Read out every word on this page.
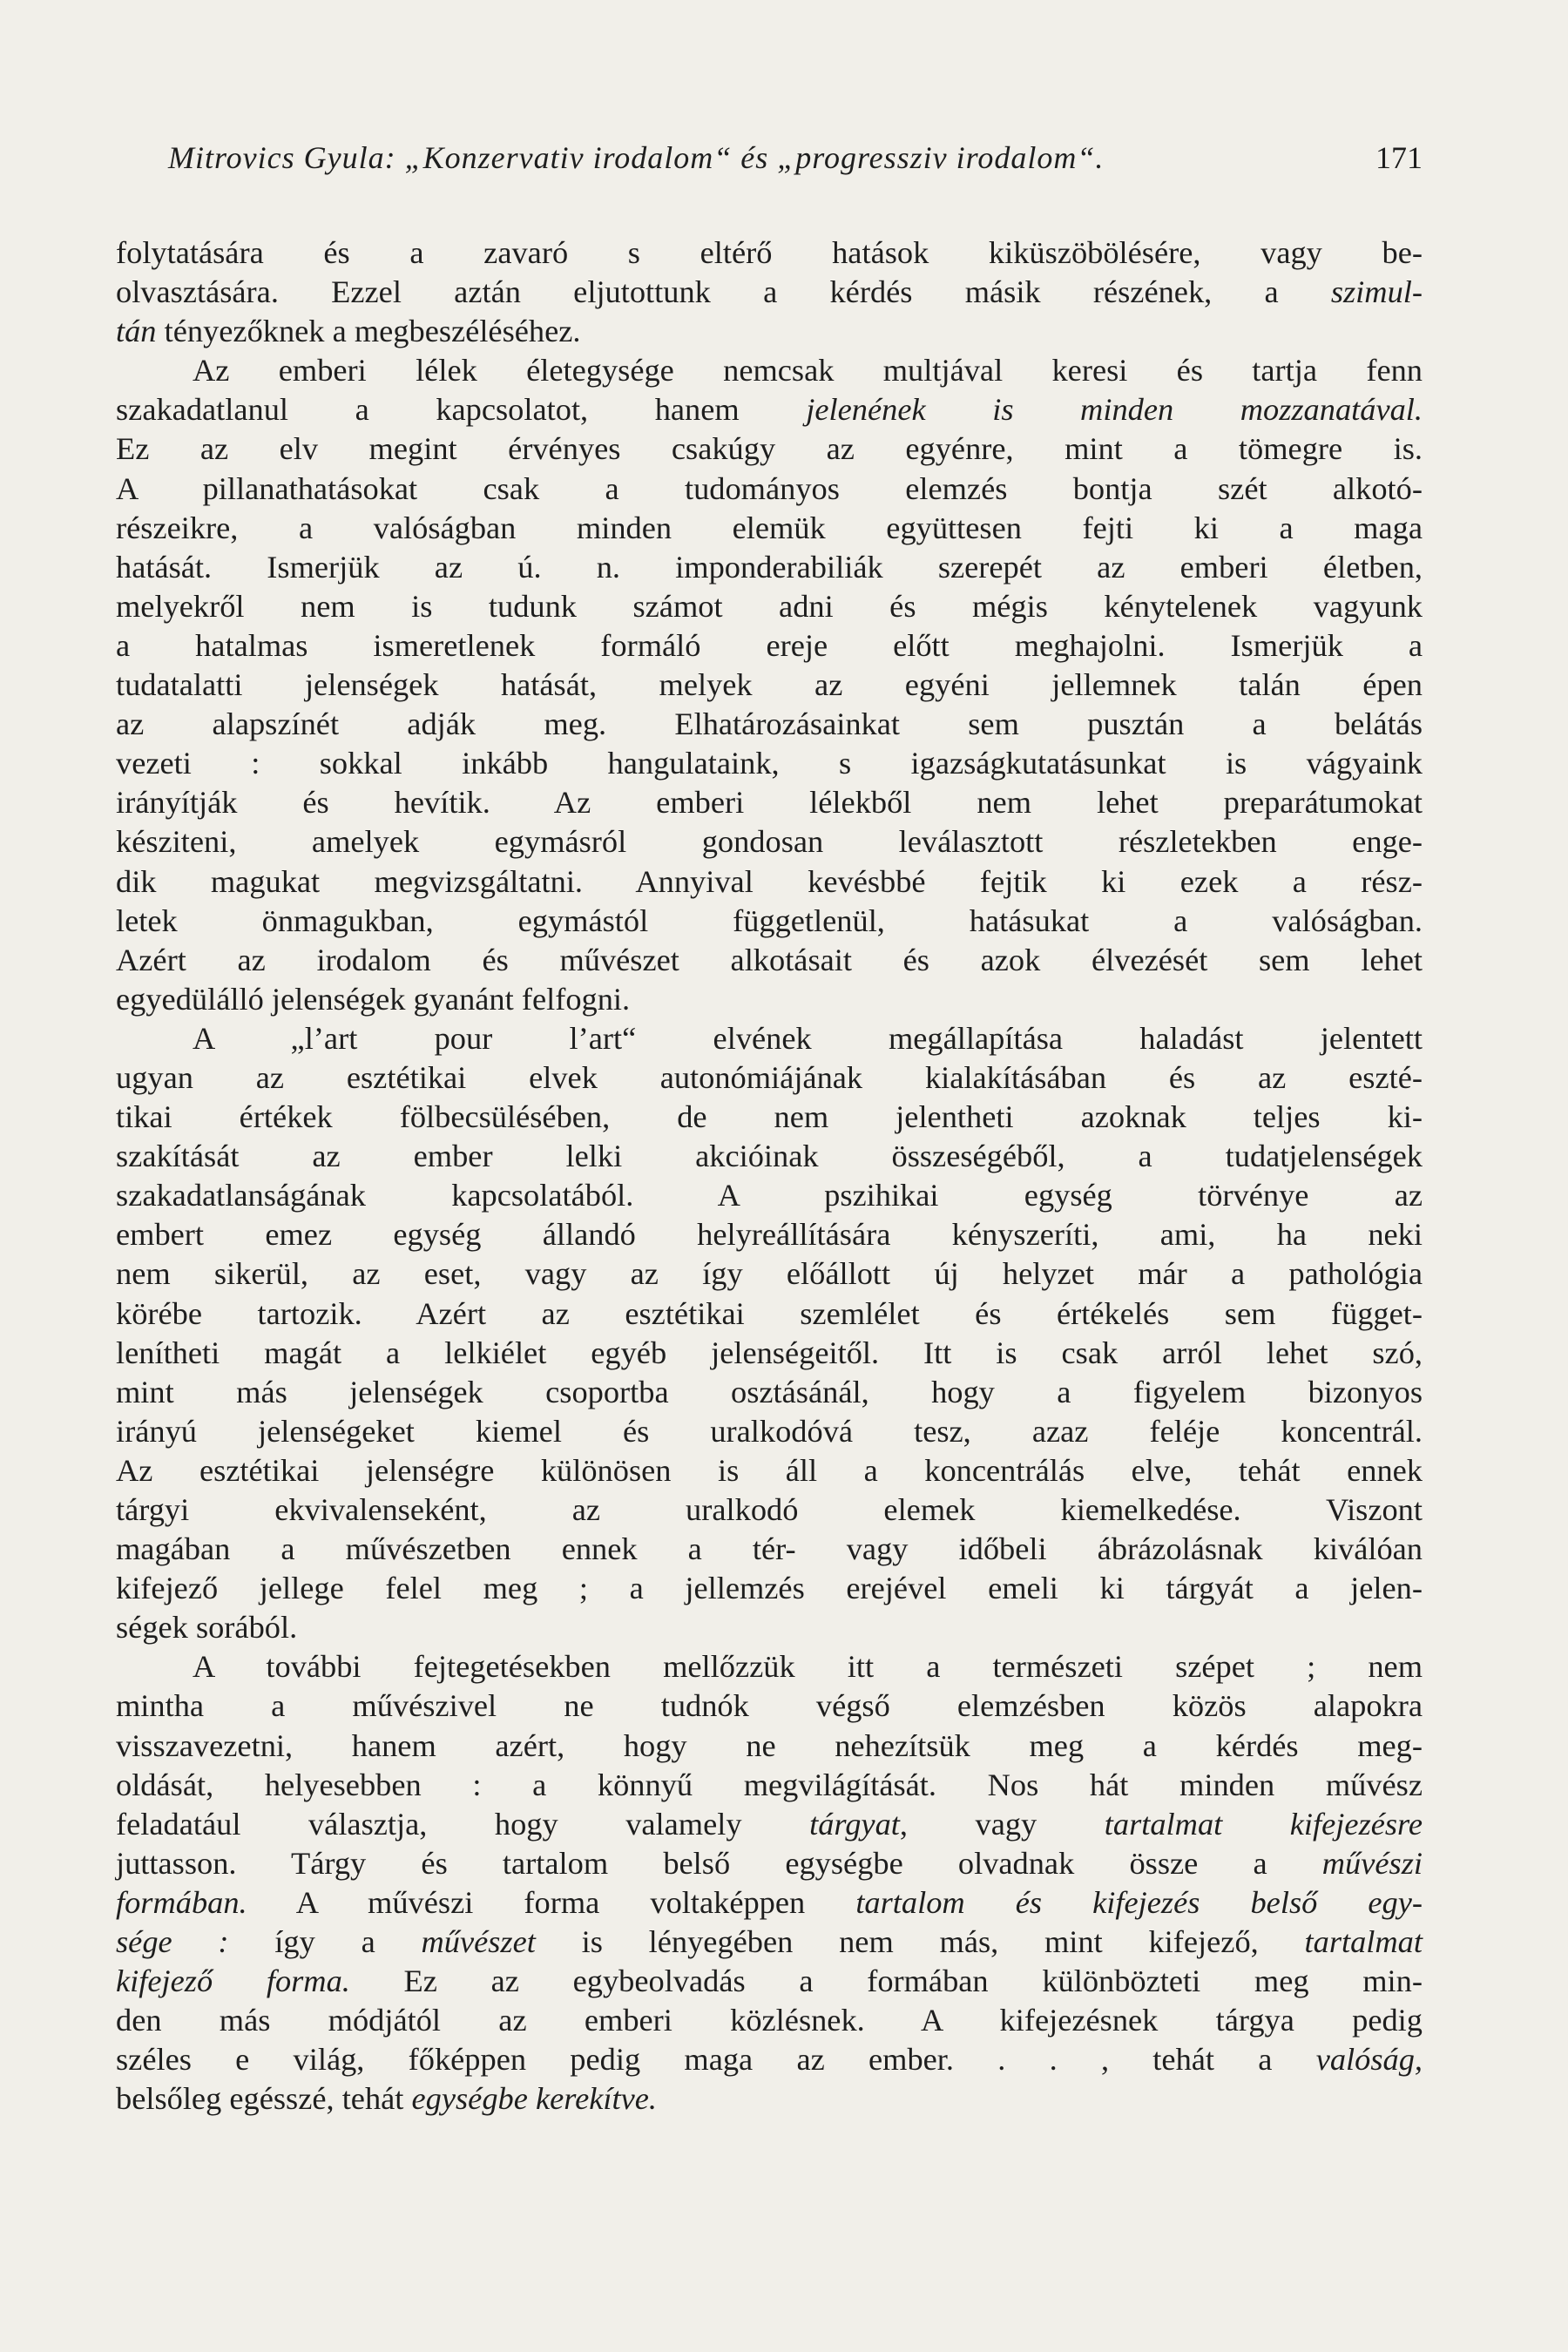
Mitrovics Gyula: „Konzervativ irodalom“ és „progressziv irodalom“.	171

folytatására és a zavaró s eltérő hatások kiküszöbölésére, vagy be-
olvasztására. Ezzel aztán eljutottunk a kérdés másik részének, a szimul-
tán tényezőknek a megbeszéléséhez.

Az emberi lélek életegysége nemcsak multjával keresi és tartja fenn
szakadatlanul a kapcsolatot, hanem jelenének is minden mozzanatával.
Ez az elv megint érvényes csakúgy az egyénre, mint a tömegre is.
A pillanathatásokat csak a tudományos elemzés bontja szét alkotó-
részeikre, a valóságban minden elemük együttesen fejti ki a maga
hatását. Ismerjük az ú. n. imponderabiliák szerepét az emberi életben,
melyekről nem is tudunk számot adni és mégis kénytelenek vagyunk
a hatalmas ismeretlenek formáló ereje előtt meghajolni. Ismerjük a
tudatalatti jelenségek hatását, melyek az egyéni jellemnek talán épen
az alapszínét adják meg. Elhatározásainkat sem pusztán a belátás
vezeti : sokkal inkább hangulataink, s igazságkutatásunkat is vágyaink
irányítják és hevítik. Az emberi lélekből nem lehet preparátumokat
késziteni, amelyek egymásról gondosan leválasztott részletekben enge-
dik magukat megvizsgáltatni. Annyival kevésbbé fejtik ki ezek a rész-
letek önmagukban, egymástól függetlenül, hatásukat a valóságban.
Azért az irodalom és művészet alkotásait és azok élvezését sem lehet
egyedülálló jelenségek gyanánt felfogni.

A „l’art pour l’art“ elvének megállapítása haladást jelentett
ugyan az esztétikai elvek autonómiájának kialakításában és az eszté-
tikai értékek fölbecsülésében, de nem jelentheti azoknak teljes ki-
szakítását az ember lelki akcióinak összeségéből, a tudatjelenségek
szakadatlanságának kapcsolatából. A pszihikai egység törvénye az
embert emez egység állandó helyreállítására kényszeríti, ami, ha neki
nem sikerül, az eset, vagy az így előállott új helyzet már a pathológia
körébe tartozik. Azért az esztétikai szemlélet és értékelés sem függet-
lenítheti magát a lelkiélet egyéb jelenségeitől. Itt is csak arról lehet szó,
mint más jelenségek csoportba osztásánál, hogy a figyelem bizonyos
irányú jelenségeket kiemel és uralkodóvá tesz, azaz feléje koncentrál.
Az esztétikai jelenségre különösen is áll a koncentrálás elve, tehát ennek
tárgyi ekvivalenseként, az uralkodó elemek kiemelkedése. Viszont
magában a művészetben ennek a tér- vagy időbeli ábrázolásnak kiválóan
kifejező jellege felel meg ; a jellemzés erejével emeli ki tárgyát a jelen-
ségek sorából.

A további fejtegetésekben mellőzzük itt a természeti szépet ; nem
mintha a művészivel ne tudnók végső elemzésben közös alapokra
visszavezetni, hanem azért, hogy ne nehezítsük meg a kérdés meg-
oldását, helyesebben : a könnyű megvilágítását. Nos hát minden művész
feladatául választja, hogy valamely tárgyat, vagy tartalmat kifejezésre
juttasson. Tárgy és tartalom belső egységbe olvadnak össze a művészi
formában. A művészi forma voltaképpen tartalom és kifejezés belső egy-
sége : így a művészet is lényegében nem más, mint kifejező, tartalmat
kifejező forma. Ez az egybeolvadás a formában különbözteti meg min-
den más módjától az emberi közlésnek. A kifejezésnek tárgya pedig
széles e világ, főképpen pedig maga az ember. . . , tehát a valóság,
belsőleg egésszé, tehát egységbe kerekítve.
